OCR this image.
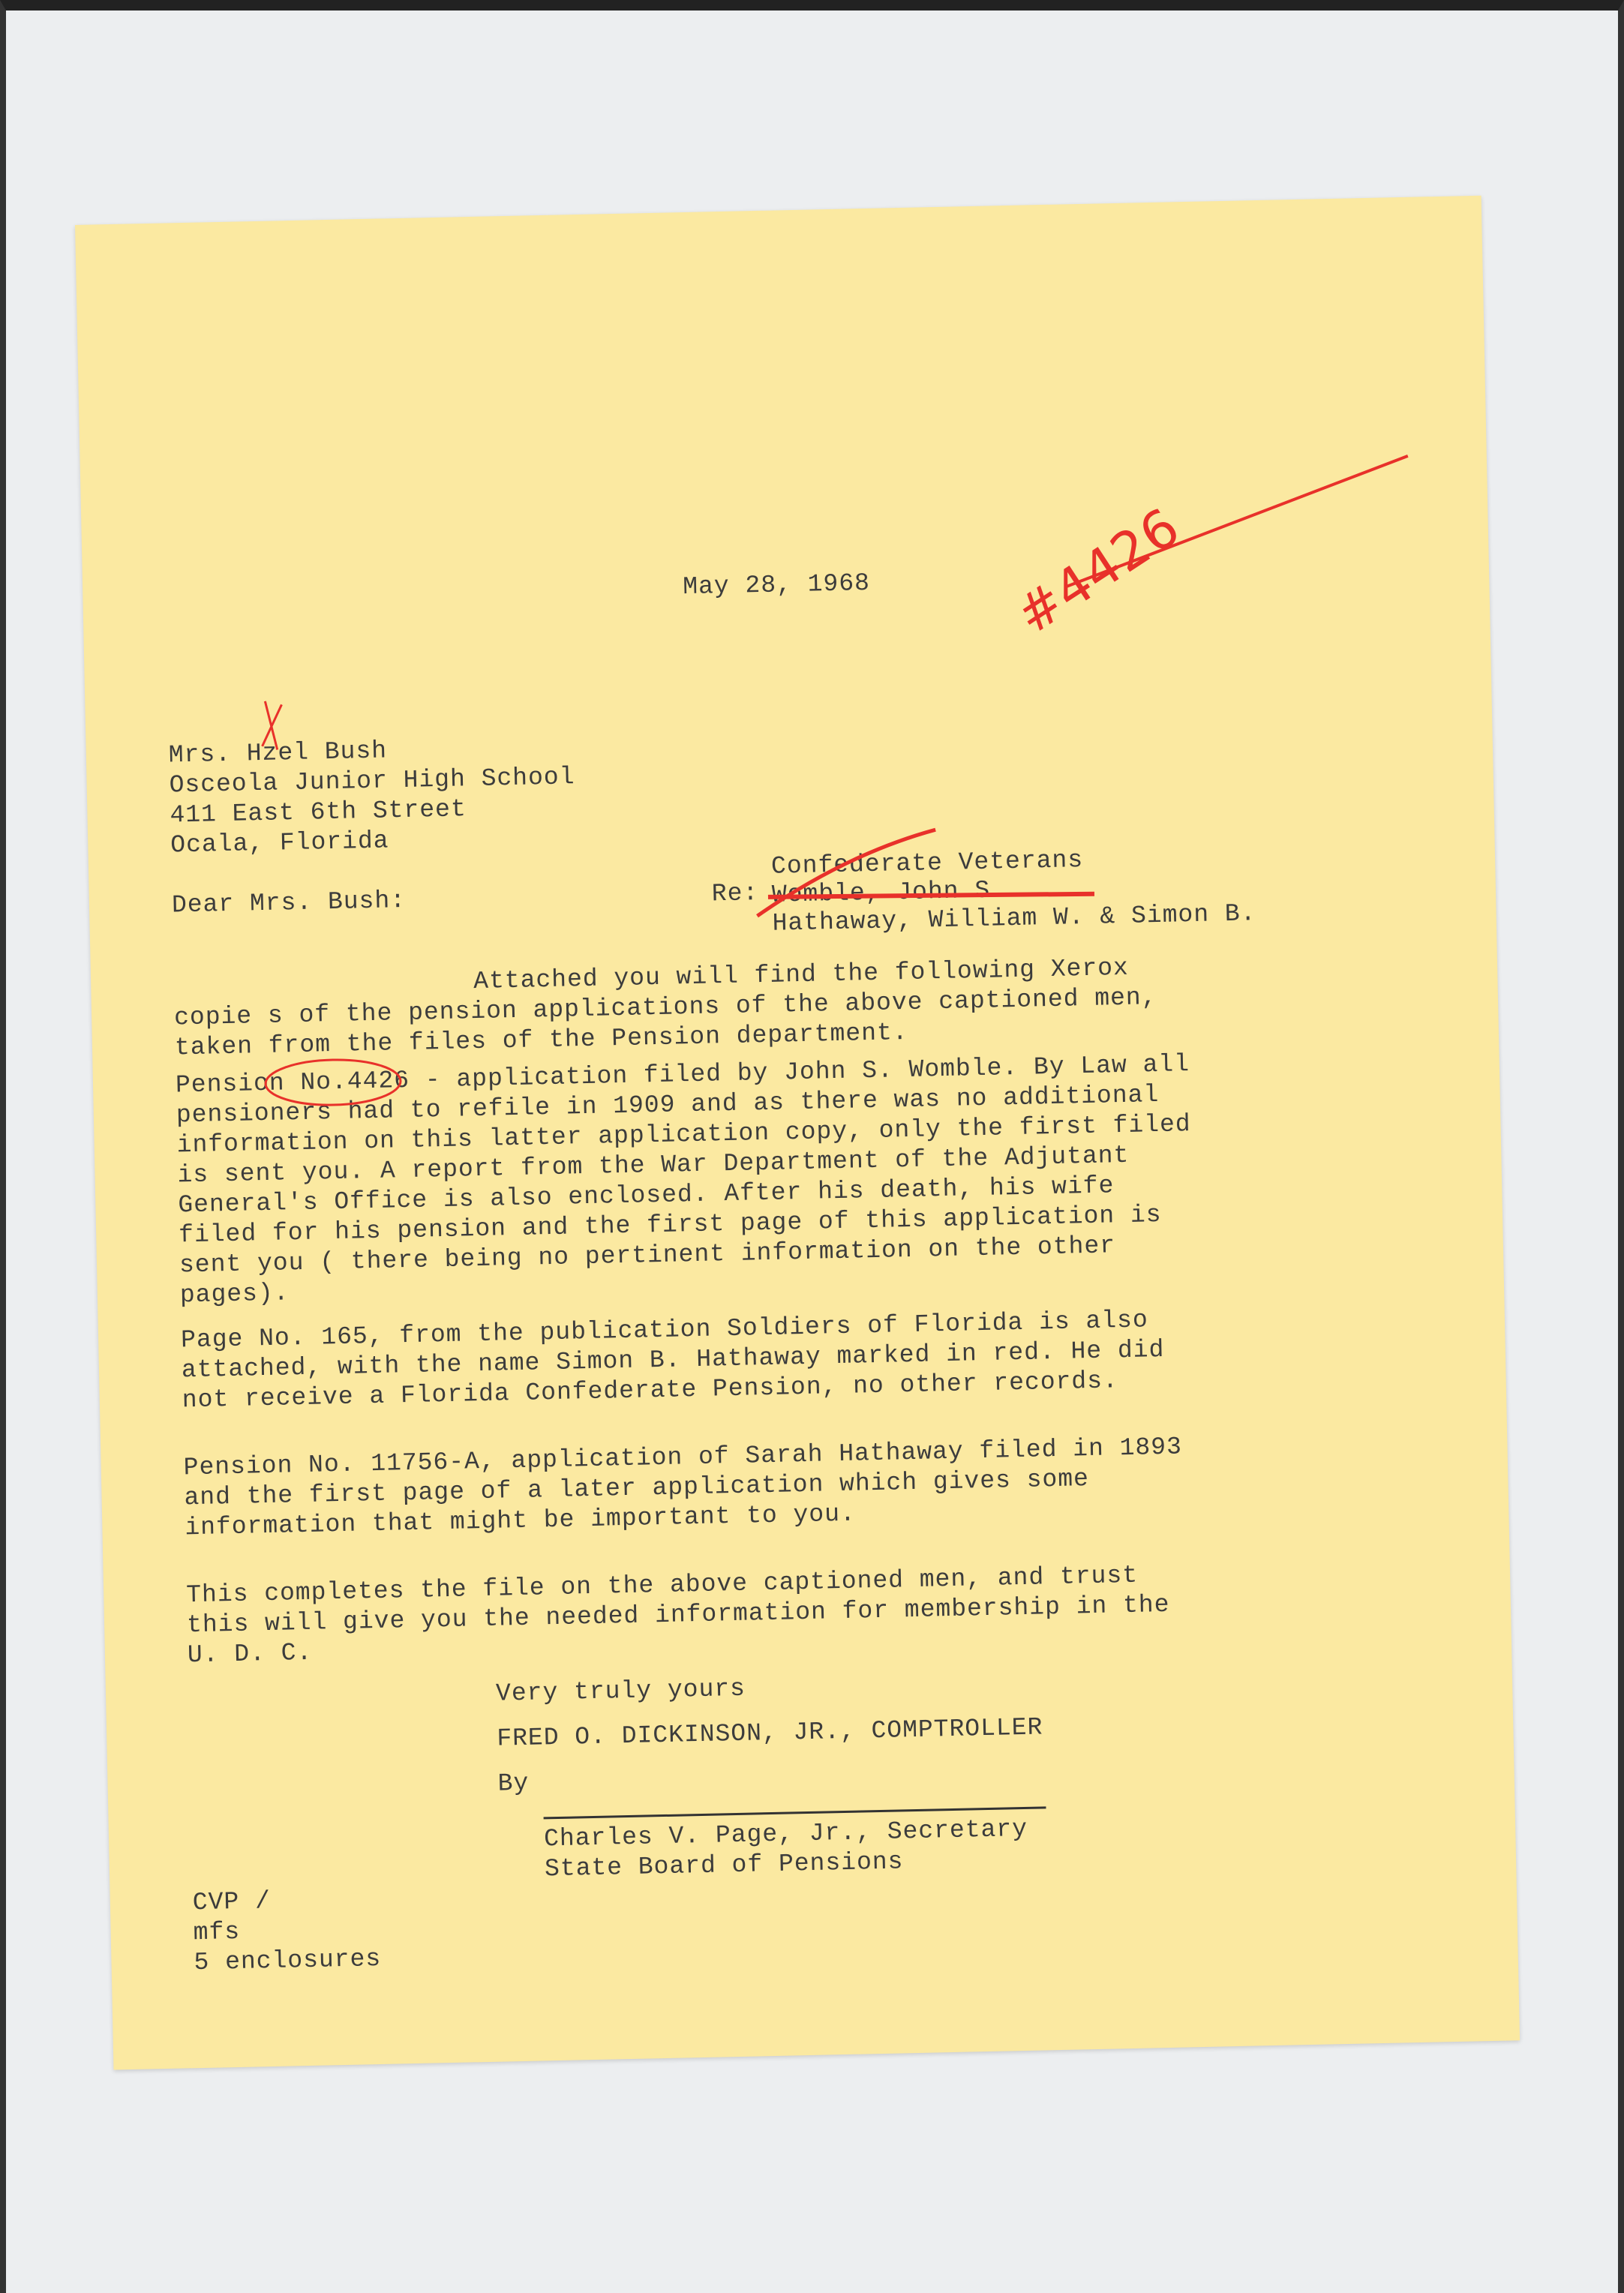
May 28, 1968	#4426
Mrs. Hzel Bush
Osceola Junior High School
411 East 6th Street
Ocala, Florida
Dear Mrs. Bush:	Re:
Confederate Veterans
Womble, John S.
Hathaway, William W. & Simon B.
Attached you will find the following Xerox copie s of the pension applications of the above captioned men, taken from the files of the Pension department.
Pension No.4426 - application filed by John S. Womble. By Law all pensioners had to refile in 1909 and as there was no additional information on this latter application copy, only the first filed is sent you. A report from the War Department of the Adjutant General's Office is also enclosed. After his death, his wife filed for his pension and the first page of this application is sent you ( there being no pertinent information on the other pages).
Page No. 165, from the publication Soldiers of Florida is also attached, with the name Simon B. Hathaway marked in red. He did not receive a Florida Confederate Pension, no other records.
Pension No. 11756-A, application of Sarah Hathaway filed in 1893 and the first page of a later application which gives some information that might be important to you.
This completes the file on the above captioned men, and trust this will give you the needed information for membership in the U. D. C.
Very truly yours
FRED O. DICKINSON, JR., COMPTROLLER
By
Charles V. Page, Jr., Secretary
State Board of Pensions
CVP /
mfs
5 enclosures
